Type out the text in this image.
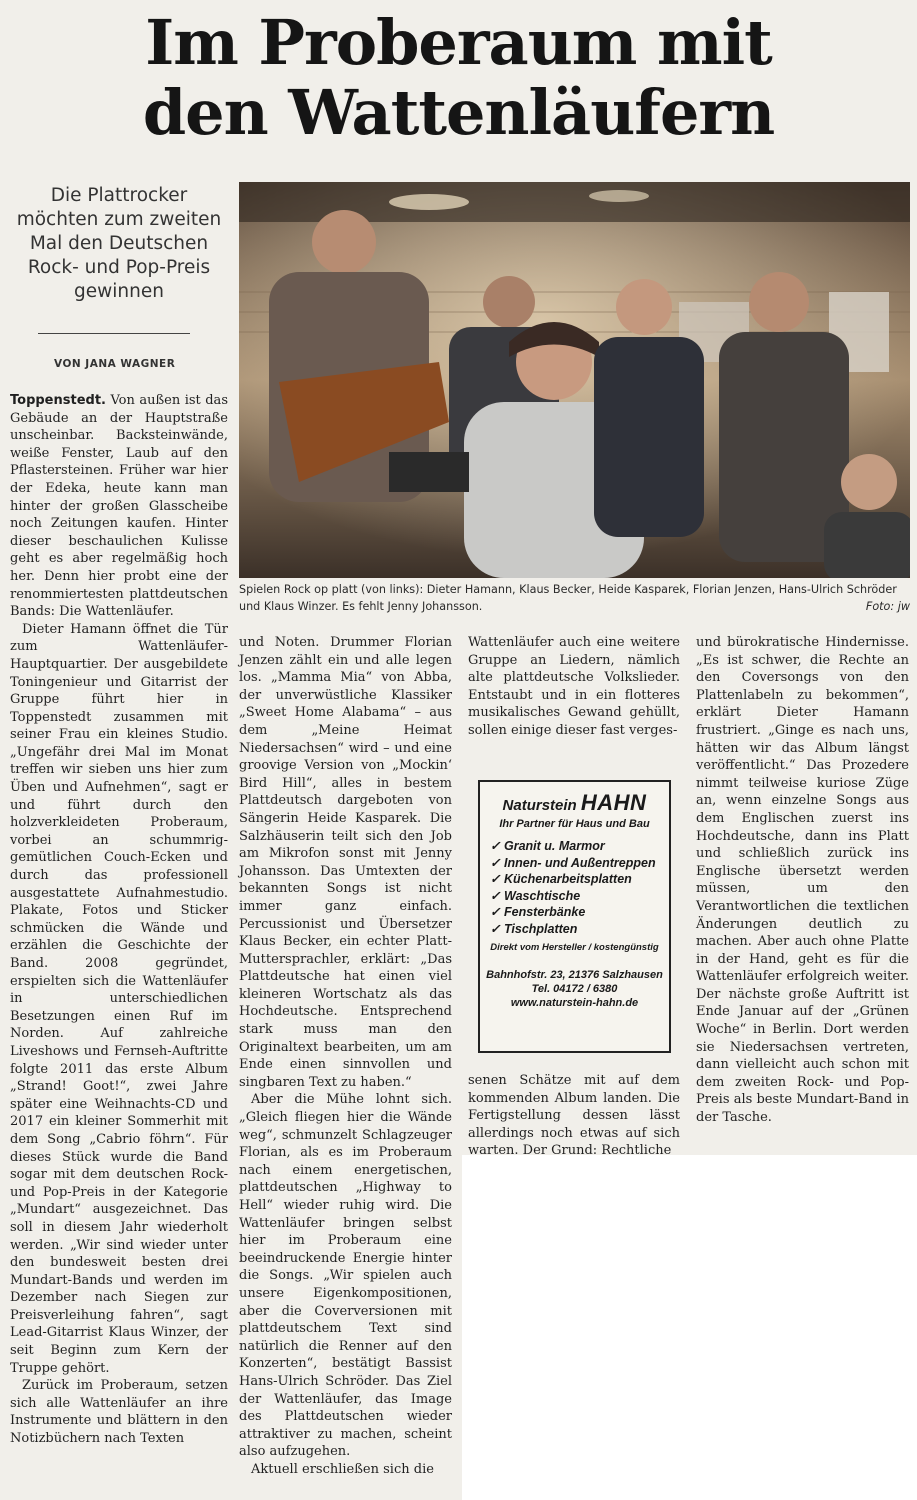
Im Proberaum mit
den Wattenläufern
Die Plattrocker möchten zum zweiten Mal den Deutschen Rock- und Pop-Preis gewinnen
VON JANA WAGNER
Spielen Rock op platt (von links): Dieter Hamann, Klaus Becker, Heide Kasparek, Florian Jenzen, Hans-Ulrich Schröder und Klaus Winzer. Es fehlt Jenny Johansson.	Foto: jw

Toppenstedt. Von außen ist das Gebäude an der Hauptstraße unscheinbar. Backsteinwände, weiße Fenster, Laub auf den Pflastersteinen. Früher war hier der Edeka, heute kann man hinter der großen Glasscheibe noch Zeitungen kaufen. Hinter dieser beschaulichen Kulisse geht es aber regelmäßig hoch her. Denn hier probt eine der renommiertesten plattdeutschen Bands: Die Wattenläufer.

Dieter Hamann öffnet die Tür zum Wattenläufer-Hauptquartier. Der ausgebildete Toningenieur und Gitarrist der Gruppe führt hier in Toppenstedt zusammen mit seiner Frau ein kleines Studio. „Ungefähr drei Mal im Monat treffen wir sieben uns hier zum Üben und Aufnehmen“, sagt er und führt durch den holzverkleideten Proberaum, vorbei an schummrig-gemütlichen Couch-Ecken und durch das professionell ausgestattete Aufnahmestudio. Plakate, Fotos und Sticker schmücken die Wände und erzählen die Geschichte der Band. 2008 gegründet, erspielten sich die Wattenläufer in unterschiedlichen Besetzungen einen Ruf im Norden. Auf zahlreiche Liveshows und Fernseh-Auftritte folgte 2011 das erste Album „Strand! Goot!“, zwei Jahre später eine Weihnachts-CD und 2017 ein kleiner Sommerhit mit dem Song „Cabrio föhrn“. Für dieses Stück wurde die Band sogar mit dem deutschen Rock- und Pop-Preis in der Kategorie „Mundart“ ausgezeichnet. Das soll in diesem Jahr wiederholt werden. „Wir sind wieder unter den bundesweit besten drei Mundart-Bands und werden im Dezember nach Siegen zur Preisverleihung fahren“, sagt Lead-Gitarrist Klaus Winzer, der seit Beginn zum Kern der Truppe gehört.

Zurück im Proberaum, setzen sich alle Wattenläufer an ihre Instrumente und blättern in den Notizbüchern nach Texten

und Noten. Drummer Florian Jenzen zählt ein und alle legen los. „Mamma Mia“ von Abba, der unverwüstliche Klassiker „Sweet Home Alabama“ – aus dem „Meine Heimat Niedersachsen“ wird – und eine groovige Version von „Mockin‘ Bird Hill“, alles in bestem Plattdeutsch dargeboten von Sängerin Heide Kasparek. Die Salzhäuserin teilt sich den Job am Mikrofon sonst mit Jenny Johansson. Das Umtexten der bekannten Songs ist nicht immer ganz einfach. Percussionist und Übersetzer Klaus Becker, ein echter Platt-Muttersprachler, erklärt: „Das Plattdeutsche hat einen viel kleineren Wortschatz als das Hochdeutsche. Entsprechend stark muss man den Originaltext bearbeiten, um am Ende einen sinnvollen und singbaren Text zu haben.“

Aber die Mühe lohnt sich. „Gleich fliegen hier die Wände weg“, schmunzelt Schlagzeuger Florian, als es im Proberaum nach einem energetischen, plattdeutschen „Highway to Hell“ wieder ruhig wird. Die Wattenläufer bringen selbst hier im Proberaum eine beeindruckende Energie hinter die Songs. „Wir spielen auch unsere Eigenkompositionen, aber die Coverversionen mit plattdeutschem Text sind natürlich die Renner auf den Konzerten“, bestätigt Bassist Hans-Ulrich Schröder. Das Ziel der Wattenläufer, das Image des Plattdeutschen wieder attraktiver zu machen, scheint also aufzugehen.

Aktuell erschließen sich die

Wattenläufer auch eine weitere Gruppe an Liedern, nämlich alte plattdeutsche Volkslieder. Entstaubt und in ein flotteres musikalisches Gewand gehüllt, sollen einige dieser fast verges-

Naturstein HAHN
Ihr Partner für Haus und Bau
✓ Granit u. Marmor
✓ Innen- und Außentreppen
✓ Küchenarbeitsplatten
✓ Waschtische
✓ Fensterbänke
✓ Tischplatten
Direkt vom Hersteller / kostengünstig
Bahnhofstr. 23, 21376 Salzhausen
Tel. 04172 / 6380
www.naturstein-hahn.de

senen Schätze mit auf dem kommenden Album landen. Die Fertigstellung dessen lässt allerdings noch etwas auf sich warten. Der Grund: Rechtliche

und bürokratische Hindernisse. „Es ist schwer, die Rechte an den Coversongs von den Plattenlabeln zu bekommen“, erklärt Dieter Hamann frustriert. „Ginge es nach uns, hätten wir das Album längst veröffentlicht.“ Das Prozedere nimmt teilweise kuriose Züge an, wenn einzelne Songs aus dem Englischen zuerst ins Hochdeutsche, dann ins Platt und schließlich zurück ins Englische übersetzt werden müssen, um den Verantwortlichen die textlichen Änderungen deutlich zu machen. Aber auch ohne Platte in der Hand, geht es für die Wattenläufer erfolgreich weiter. Der nächste große Auftritt ist Ende Januar auf der „Grünen Woche“ in Berlin. Dort werden sie Niedersachsen vertreten, dann vielleicht auch schon mit dem zweiten Rock- und Pop-Preis als beste Mundart-Band in der Tasche.
